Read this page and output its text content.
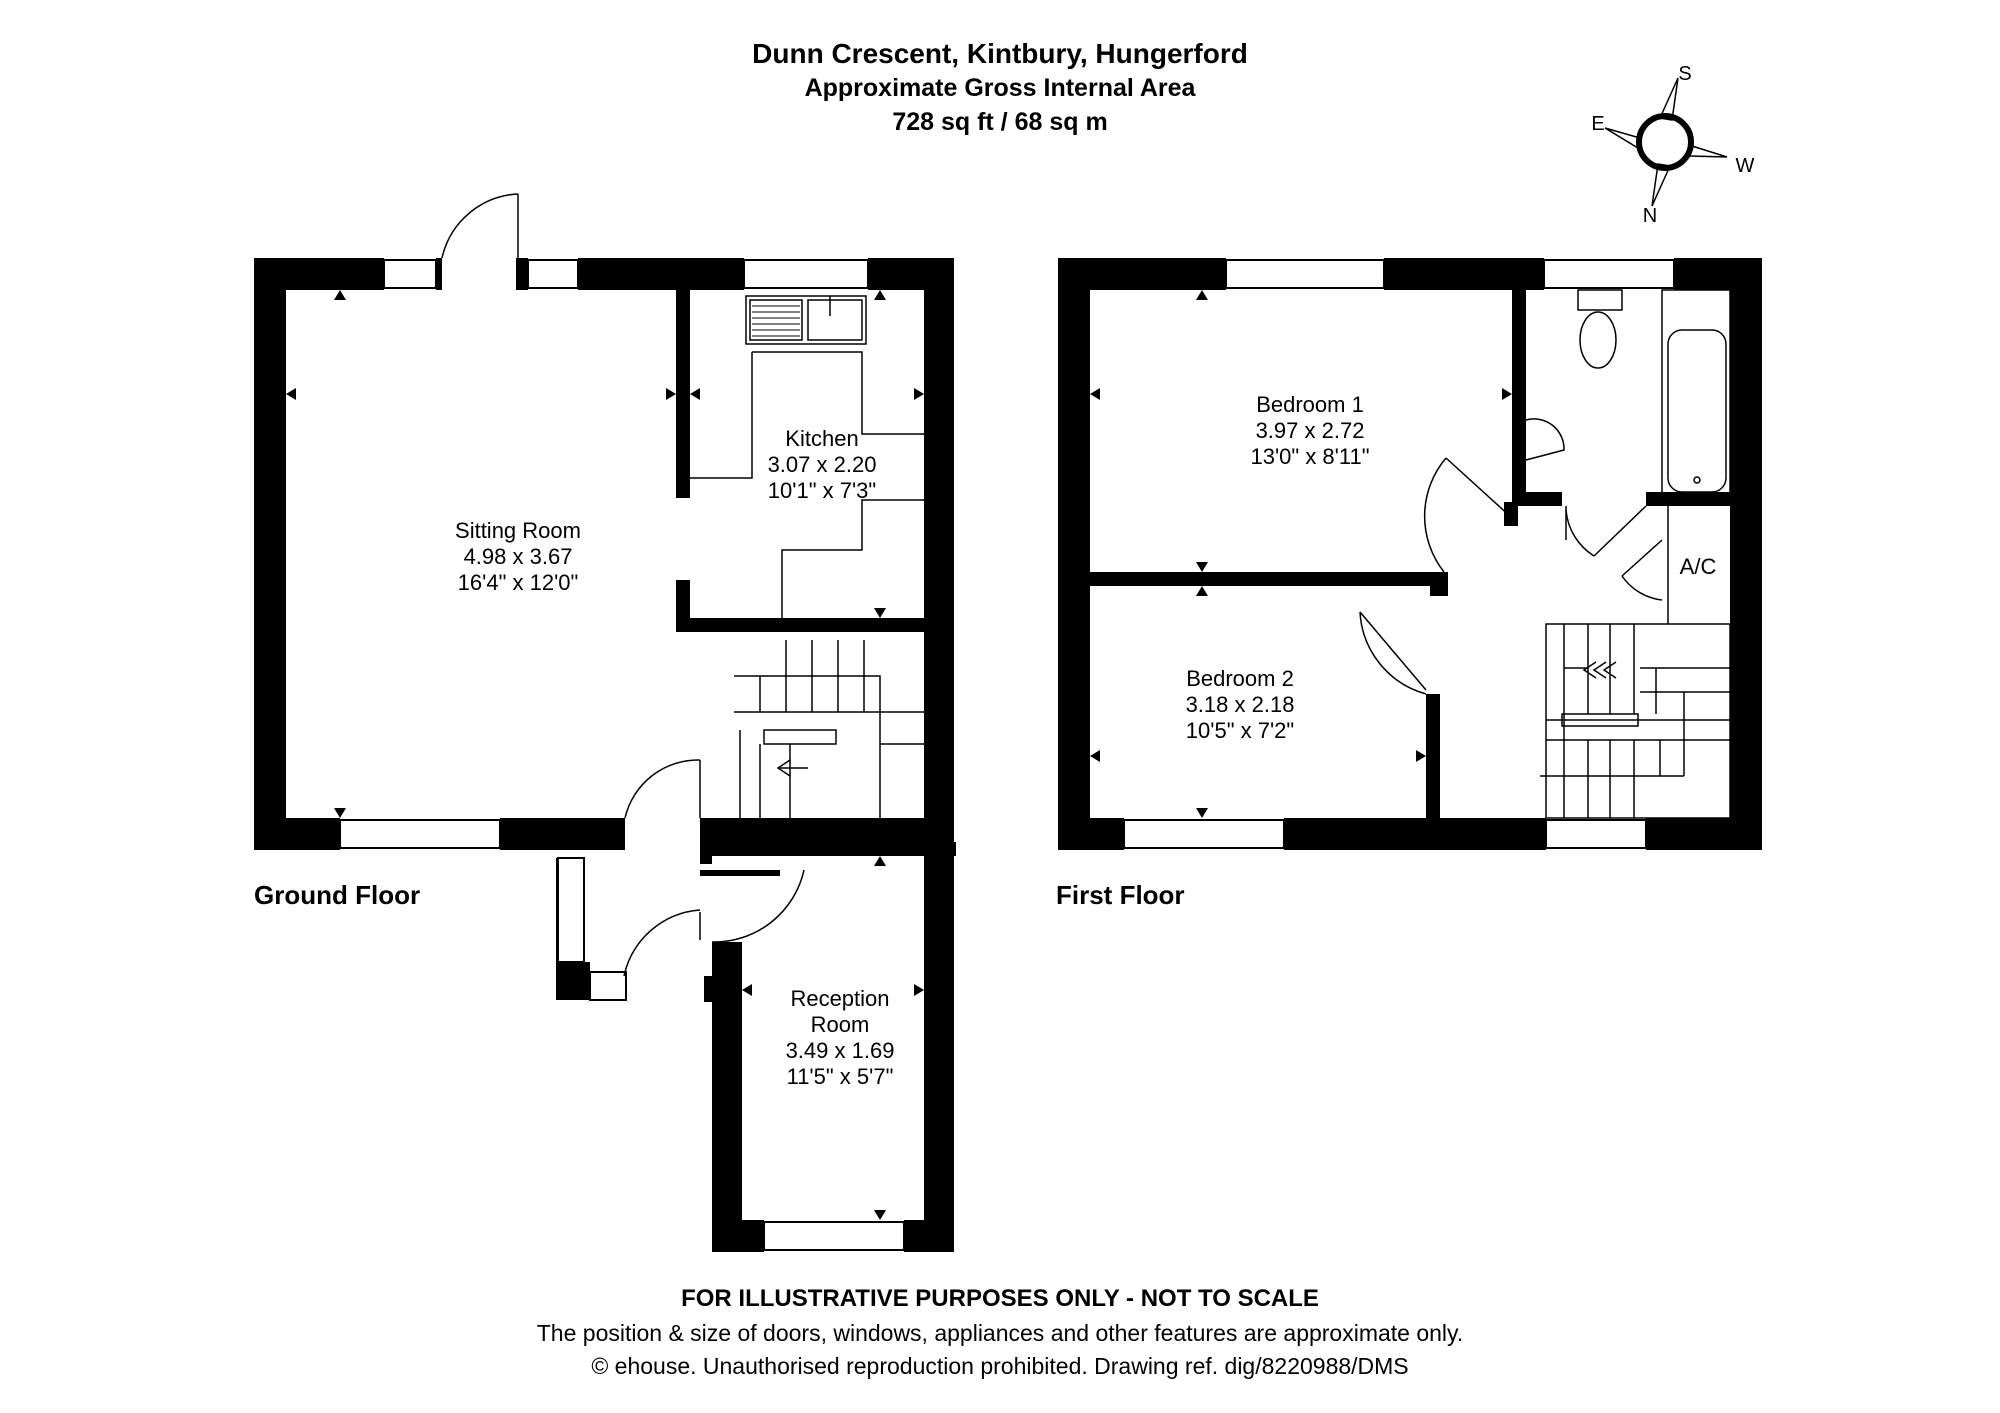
Dunn Crescent, Kintbury, Hungerford
Approximate Gross Internal Area
728 sq ft / 68 sq m
S
E
W
N
Sitting Room
4.98 x 3.67
16'4" x 12'0"
Kitchen
3.07 x 2.20
10'1" x 7'3"
Reception
Room
3.49 x 1.69
11'5" x 5'7"
Bedroom 1
3.97 x 2.72
13'0" x 8'11"
Bedroom 2
3.18 x 2.18
10'5" x 7'2"
A/C
Ground Floor	First Floor
FOR ILLUSTRATIVE PURPOSES ONLY - NOT TO SCALE
The position & size of doors, windows, appliances and other features are approximate only.
© ehouse. Unauthorised reproduction prohibited. Drawing ref. dig/8220988/DMS
